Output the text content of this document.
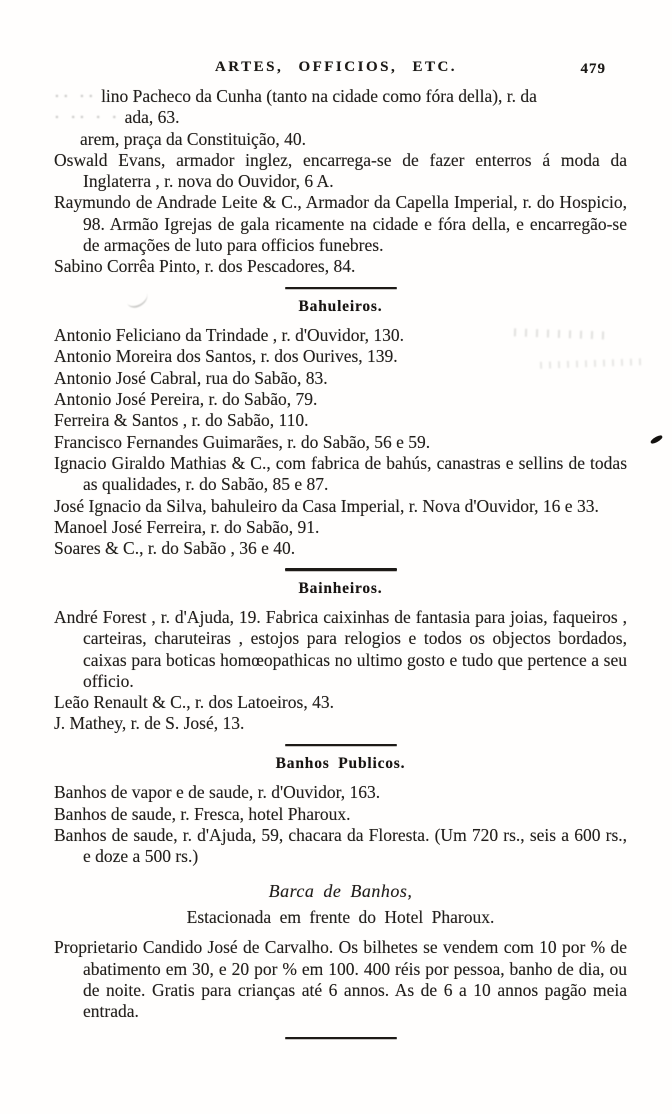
ARTES, OFFICIOS, ETC.	479
·· ·· lino Pacheco da Cunha (tanto na cidade como fóra della), r. da
· ·· · · ada, 63.
arem, praça da Constituição, 40.

Oswald Evans, armador inglez, encarrega-se de fazer enterros á moda da Inglaterra , r. nova do Ouvidor, 6 A.

Raymundo de Andrade Leite & C., Armador da Capella Imperial, r. do Hospicio, 98. Armão Igrejas de gala ricamente na cidade e fóra della, e encarregão-se de armações de luto para officios funebres.

Sabino Corrêa Pinto, r. dos Pescadores, 84.

Bahuleiros.

Antonio Feliciano da Trindade , r. d'Ouvidor, 130.

Antonio Moreira dos Santos, r. dos Ourives, 139.

Antonio José Cabral, rua do Sabão, 83.

Antonio José Pereira, r. do Sabão, 79.

Ferreira & Santos , r. do Sabão, 110.

Francisco Fernandes Guimarães, r. do Sabão, 56 e 59.

Ignacio Giraldo Mathias & C., com fabrica de bahús, canastras e sellins de todas as qualidades, r. do Sabão, 85 e 87.

José Ignacio da Silva, bahuleiro da Casa Imperial, r. Nova d'Ouvidor, 16 e 33.

Manoel José Ferreira, r. do Sabão, 91.

Soares & C., r. do Sabão , 36 e 40.

Bainheiros.

André Forest , r. d'Ajuda, 19. Fabrica caixinhas de fantasia para joias, faqueiros , carteiras, charuteiras , estojos para relogios e todos os objectos bordados, caixas para boticas homœopathicas no ultimo gosto e tudo que pertence a seu officio.

Leão Renault & C., r. dos Latoeiros, 43.

J. Mathey, r. de S. José, 13.

Banhos Publicos.

Banhos de vapor e de saude, r. d'Ouvidor, 163.

Banhos de saude, r. Fresca, hotel Pharoux.

Banhos de saude, r. d'Ajuda, 59, chacara da Floresta. (Um 720 rs., seis a 600 rs., e doze a 500 rs.)

Barca de Banhos,
Estacionada em frente do Hotel Pharoux.

Proprietario Candido José de Carvalho. Os bilhetes se vendem com 10 por % de abatimento em 30, e 20 por % em 100. 400 réis por pessoa, banho de dia, ou de noite. Gratis para crianças até 6 annos. As de 6 a 10 annos pagão meia entrada.
